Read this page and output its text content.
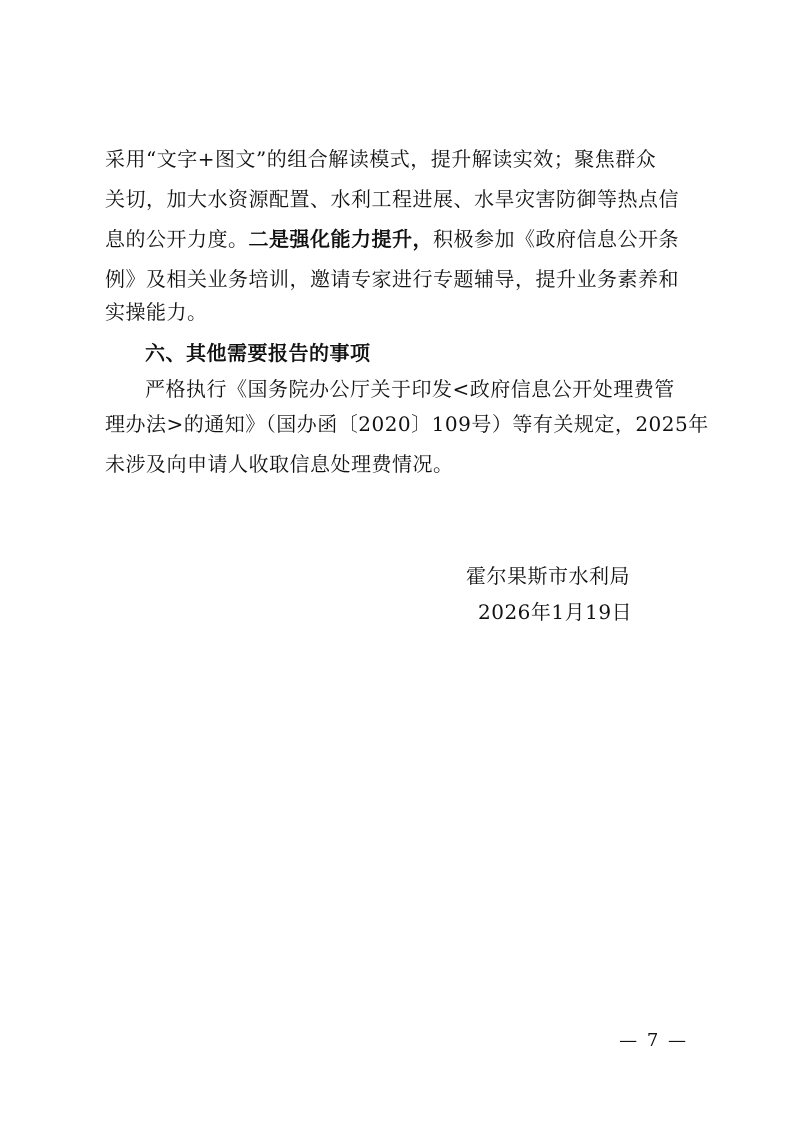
采用“文字+图文”的组合解读模式，提升解读实效；聚焦群众
关切，加大水资源配置、水利工程进展、水旱灾害防御等热点信
息的公开力度。二是强化能力提升，积极参加《政府信息公开条
例》及相关业务培训，邀请专家进行专题辅导，提升业务素养和
实操能力。
六、其他需要报告的事项
严格执行《国务院办公厅关于印发<政府信息公开处理费管
理办法>的通知》（国办函〔2020〕109号）等有关规定，2025年
未涉及向申请人收取信息处理费情况。
霍尔果斯市水利局
2026年1月19日
— 7 —
